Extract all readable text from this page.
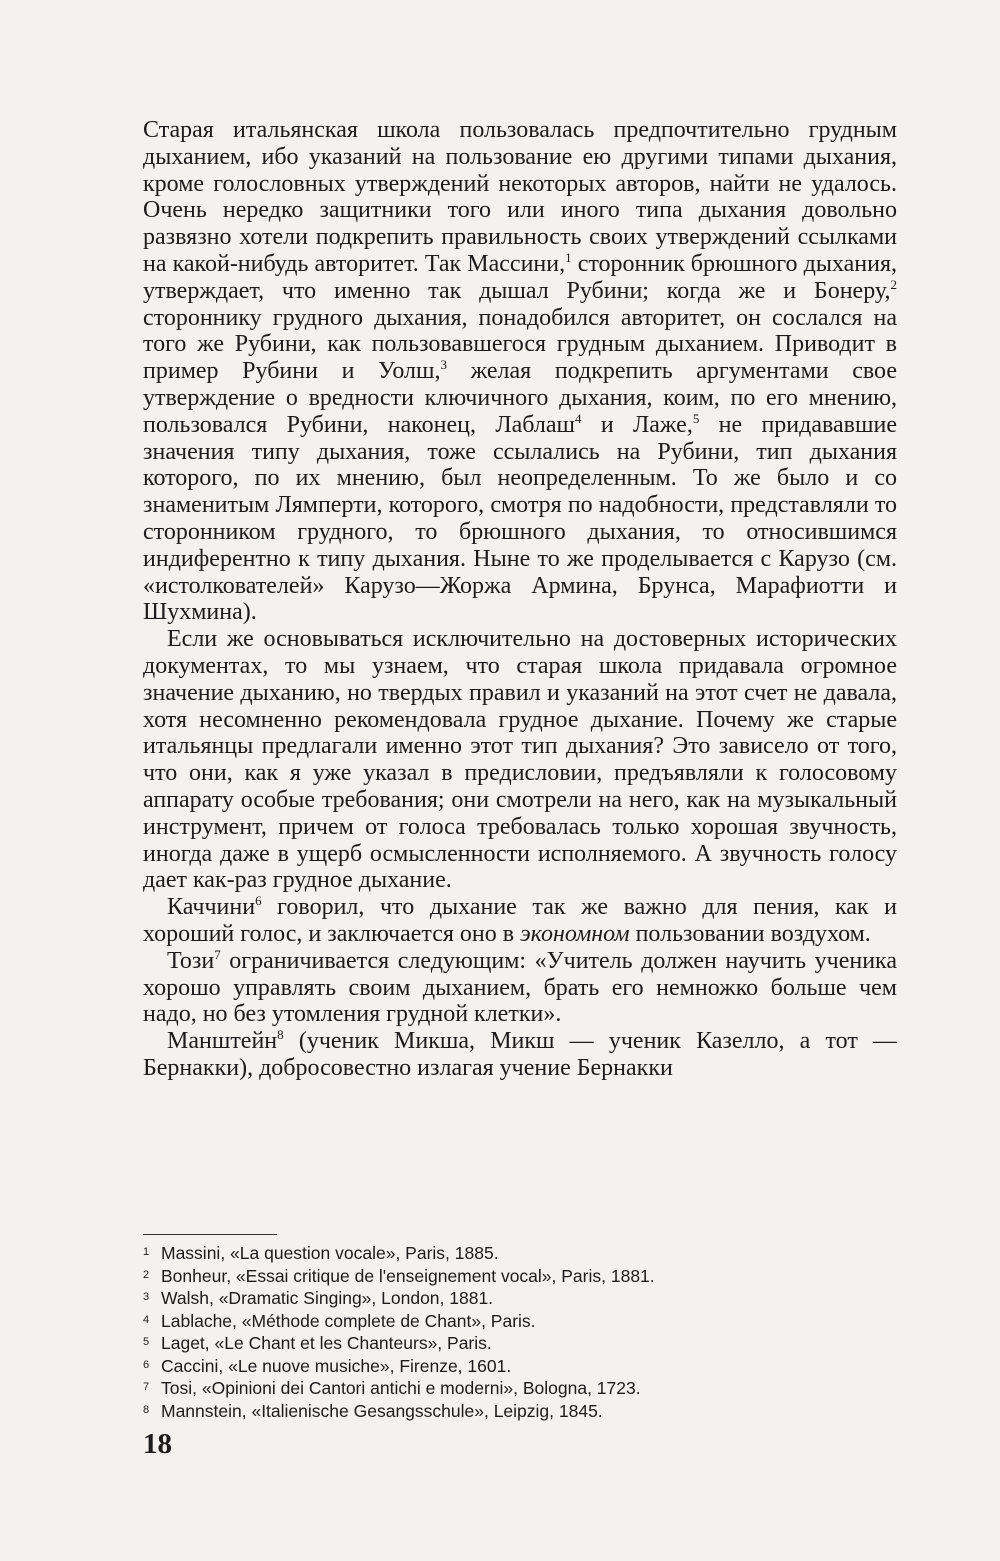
Старая итальянская школа пользовалась предпочтительно грудным дыханием, ибо указаний на пользование ею другими типами дыхания, кроме голословных утверждений некоторых авторов, найти не удалось. Очень нередко защитники того или иного типа дыхания довольно развязно хотели подкрепить правильность своих утверждений ссылками на какой-нибудь авторитет. Так Массини,$^1$ сторонник брюшного дыхания, утверждает, что именно так дышал Рубини; когда же и Бонеру,$^2$ стороннику грудного дыхания, понадобился авторитет, он сослался на того же Рубини, как пользовавшегося грудным дыханием. Приводит в пример Рубини и Уолш,$^3$ желая подкрепить аргументами свое утверждение о вредности ключичного дыхания, коим, по его мнению, пользовался Рубини, наконец, Лаблаш$^4$ и Лаже,$^5$ не придававшие значения типу дыхания, тоже ссылались на Рубини, тип дыхания которого, по их мнению, был неопределенным. То же было и со знаменитым Лямперти, которого, смотря по надобности, представляли то сторонником грудного, то брюшного дыхания, то относившимся индиферентно к типу дыхания. Ныне то же проделывается с Карузо (см. «истолкователей» Карузо—Жоржа Армина, Брунса, Марафиотти и Шухмина).

Если же основываться исключительно на достоверных исторических документах, то мы узнаем, что старая школа придавала огромное значение дыханию, но твердых правил и указаний на этот счет не давала, хотя несомненно рекомендовала грудное дыхание. Почему же старые итальянцы предлагали именно этот тип дыхания? Это зависело от того, что они, как я уже указал в предисловии, предъявляли к голосовому аппарату особые требования; они смотрели на него, как на музыкальный инструмент, причем от голоса требовалась только хорошая звучность, иногда даже в ущерб осмысленности исполняемого. А звучность голосу дает как-раз грудное дыхание.

Каччини$^6$ говорил, что дыхание так же важно для пения, как и хороший голос, и заключается оно в экономном пользовании воздухом.

Този$^7$ ограничивается следующим: «Учитель должен научить ученика хорошо управлять своим дыханием, брать его немножко больше чем надо, но без утомления грудной клетки».

Манштейн$^8$ (ученик Микша, Микш — ученик Казелло, а тот — Бернакки), добросовестно излагая учение Бернакки

1 Massini, «La question vocale», Paris, 1885.
2 Bonheur, «Essai critique de l'enseignement vocal», Paris, 1881.
3 Walsh, «Dramatic Singing», London, 1881.
4 Lablache, «Méthode complete de Chant», Paris.
5 Laget, «Le Chant et les Chanteurs», Paris.
6 Caccini, «Le nuove musiche», Firenze, 1601.
7 Tosi, «Opinioni dei Cantori antichi e moderni», Bologna, 1723.
8 Mannstein, «Italienische Gesangsschule», Leipzig, 1845.
18
